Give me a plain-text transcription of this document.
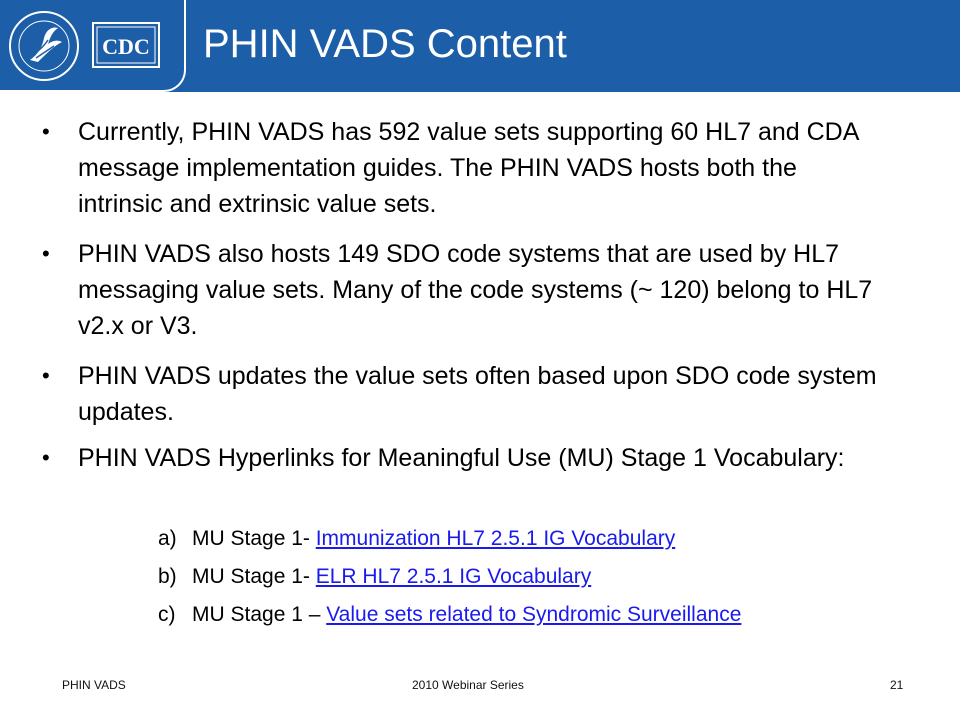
CDC PHIN VADS Content
• Currently, PHIN VADS has 592 value sets supporting 60 HL7 and CDA message implementation guides. The PHIN VADS hosts both the intrinsic and extrinsic value sets.
• PHIN VADS also hosts 149 SDO code systems that are used by HL7 messaging value sets. Many of the code systems (~ 120) belong to HL7 v2.x or V3.
• PHIN VADS updates the value sets often based upon SDO code system updates.
• PHIN VADS Hyperlinks for Meaningful Use (MU) Stage 1 Vocabulary:
a) MU Stage 1- Immunization HL7 2.5.1 IG Vocabulary
b) MU Stage 1- ELR HL7 2.5.1 IG Vocabulary
c) MU Stage 1 – Value sets related to Syndromic Surveillance
PHIN VADS	2010 Webinar Series	21
